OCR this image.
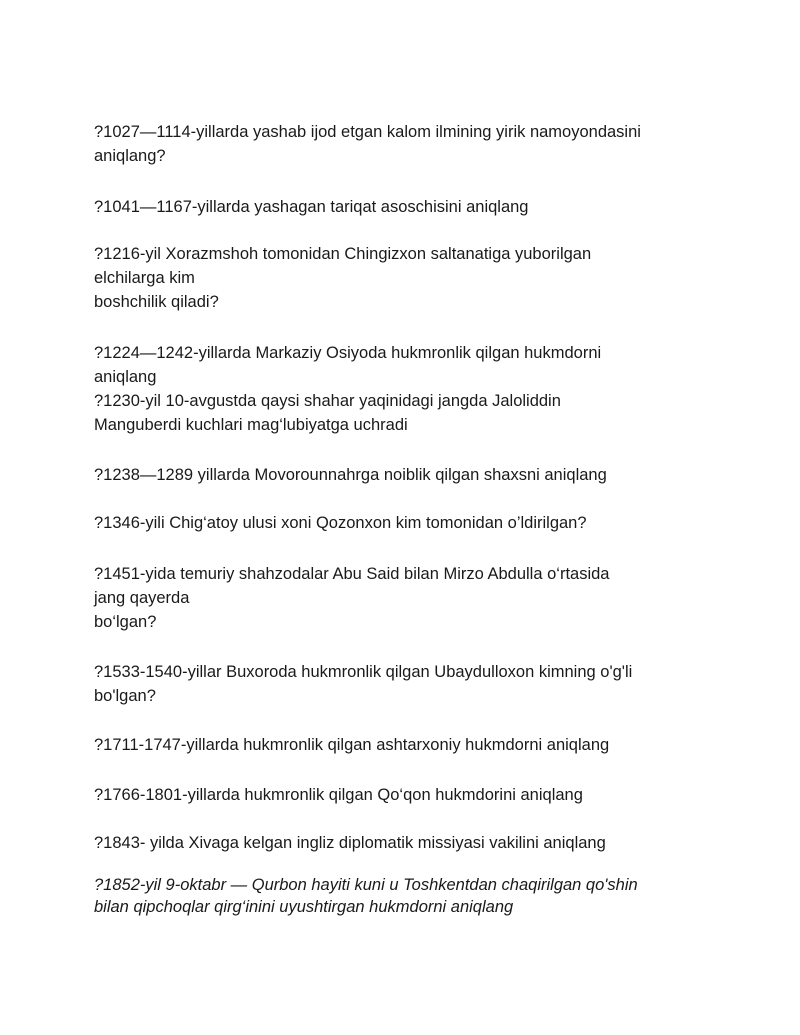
?1027—1114-yillarda yashab ijod etgan kalom ilmining yirik namoyondasini
aniqlang?

?1041—1167-yillarda yashagan tariqat asoschisini aniqlang

?1216-yil Xorazmshoh tomonidan Chingizxon saltanatiga yuborilgan
elchilarga kim
boshchilik qiladi?

?1224—1242-yillarda Markaziy Osiyoda hukmronlik qilgan hukmdorni
aniqlang

?1230-yil 10-avgustda qaysi shahar yaqinidagi jangda Jaloliddin
Manguberdi kuchlari mag‘lubiyatga uchradi

?1238—1289 yillarda Movorounnahrga noiblik qilgan shaxsni aniqlang

?1346-yili Chig‘atoy ulusi xoni Qozonxon kim tomonidan o’ldirilgan?

?1451-yida temuriy shahzodalar Abu Said bilan Mirzo Abdulla o‘rtasida
jang qayerda
bo‘lgan?

?1533-1540-yillar Buxoroda hukmronlik qilgan Ubaydulloxon kimning o'g'li
bo'lgan?

?1711-1747-yillarda hukmronlik qilgan ashtarxoniy hukmdorni aniqlang

?1766-1801-yillarda hukmronlik qilgan Qo‘qon hukmdorini aniqlang

?1843- yilda Xivaga kelgan ingliz diplomatik missiyasi vakilini aniqlang

?1852-yil 9-oktabr — Qurbon hayiti kuni u Toshkentdan chaqirilgan qo'shin
bilan qipchoqlar qirg‘inini uyushtirgan hukmdorni aniqlang
